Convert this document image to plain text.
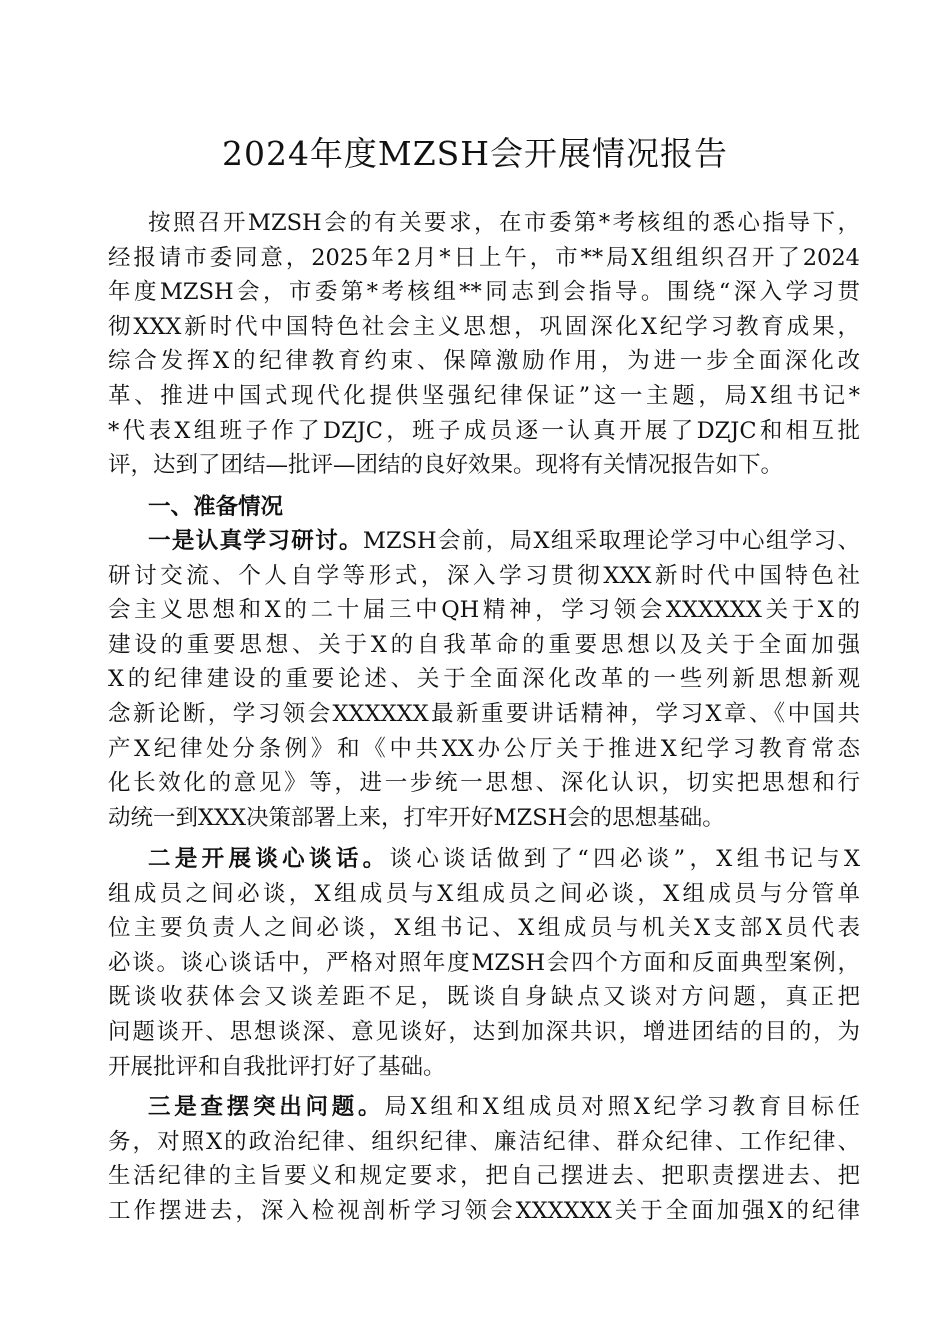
2024年度MZSH会开展情况报告
按照召开MZSH会的有关要求，在市委第*考核组的悉心指导下，
经报请市委同意，2025年2月*日上午，市**局X组组织召开了2024
年度MZSH会，市委第*考核组**同志到会指导。围绕“深入学习贯
彻XXX新时代中国特色社会主义思想，巩固深化X纪学习教育成果，
综合发挥X的纪律教育约束、保障激励作用，为进一步全面深化改
革、推进中国式现代化提供坚强纪律保证”这一主题，局X组书记*
*代表X组班子作了DZJC，班子成员逐一认真开展了DZJC和相互批
评，达到了团结—批评—团结的良好效果。现将有关情况报告如下。
一、准备情况
一是认真学习研讨。MZSH会前，局X组采取理论学习中心组学习、
研讨交流、个人自学等形式，深入学习贯彻XXX新时代中国特色社
会主义思想和X的二十届三中QH精神，学习领会XXXXXX关于X的
建设的重要思想、关于X的自我革命的重要思想以及关于全面加强
X的纪律建设的重要论述、关于全面深化改革的一些列新思想新观
念新论断，学习领会XXXXXX最新重要讲话精神，学习X章、《中国共
产X纪律处分条例》和《中共XX办公厅关于推进X纪学习教育常态
化长效化的意见》等，进一步统一思想、深化认识，切实把思想和行
动统一到XXX决策部署上来，打牢开好MZSH会的思想基础。
二是开展谈心谈话。谈心谈话做到了“四必谈”，X组书记与X
组成员之间必谈，X组成员与X组成员之间必谈，X组成员与分管单
位主要负责人之间必谈，X组书记、X组成员与机关X支部X员代表
必谈。谈心谈话中，严格对照年度MZSH会四个方面和反面典型案例，
既谈收获体会又谈差距不足，既谈自身缺点又谈对方问题，真正把
问题谈开、思想谈深、意见谈好，达到加深共识，增进团结的目的，为
开展批评和自我批评打好了基础。
三是查摆突出问题。局X组和X组成员对照X纪学习教育目标任
务，对照X的政治纪律、组织纪律、廉洁纪律、群众纪律、工作纪律、
生活纪律的主旨要义和规定要求，把自己摆进去、把职责摆进去、把
工作摆进去，深入检视剖析学习领会XXXXXX关于全面加强X的纪律
